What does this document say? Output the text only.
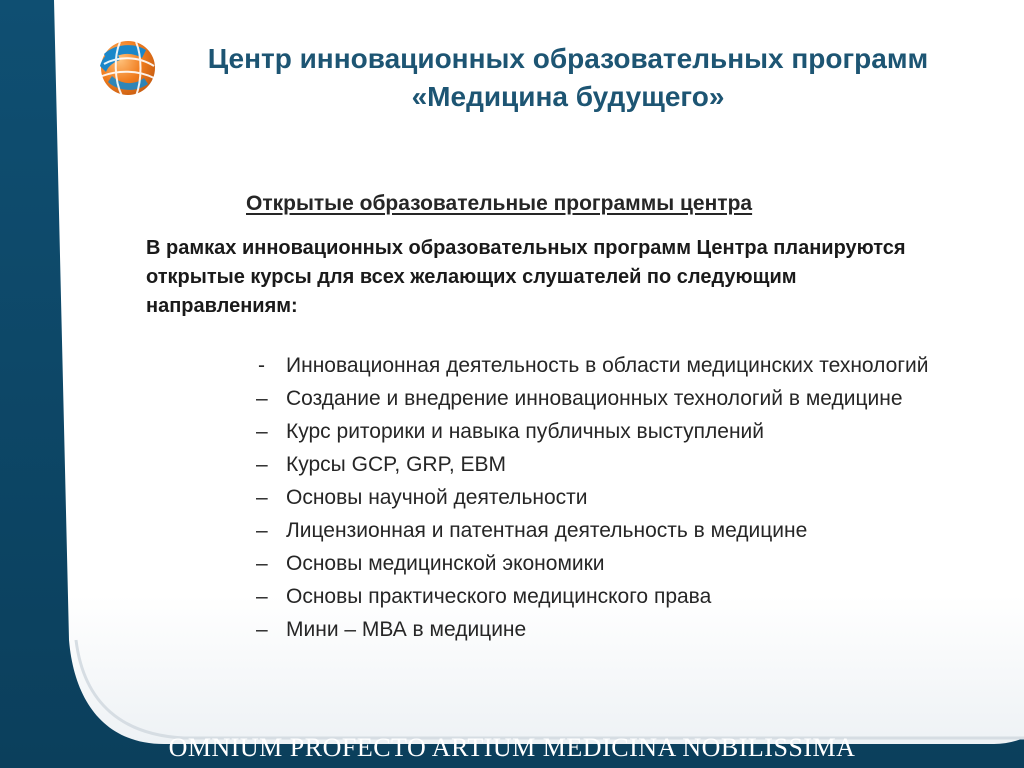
Центр инновационных образовательных программ
«Медицина будущего»
Открытые образовательные программы центра
В рамках инновационных образовательных программ Центра планируются открытые курсы для всех желающих слушателей по следующим направлениям:
- Инновационная деятельность в области медицинских технологий
– Создание и внедрение инновационных технологий в медицине
– Курс риторики и навыка публичных выступлений
– Курсы GCP, GRP, EBM
– Основы научной деятельности
– Лицензионная и патентная деятельность в медицине
– Основы медицинской экономики
– Основы практического медицинского права
– Мини – МВА в медицине
OMNIUM PROFECTO ARTIUM MEDICINA NOBILISSIMA
